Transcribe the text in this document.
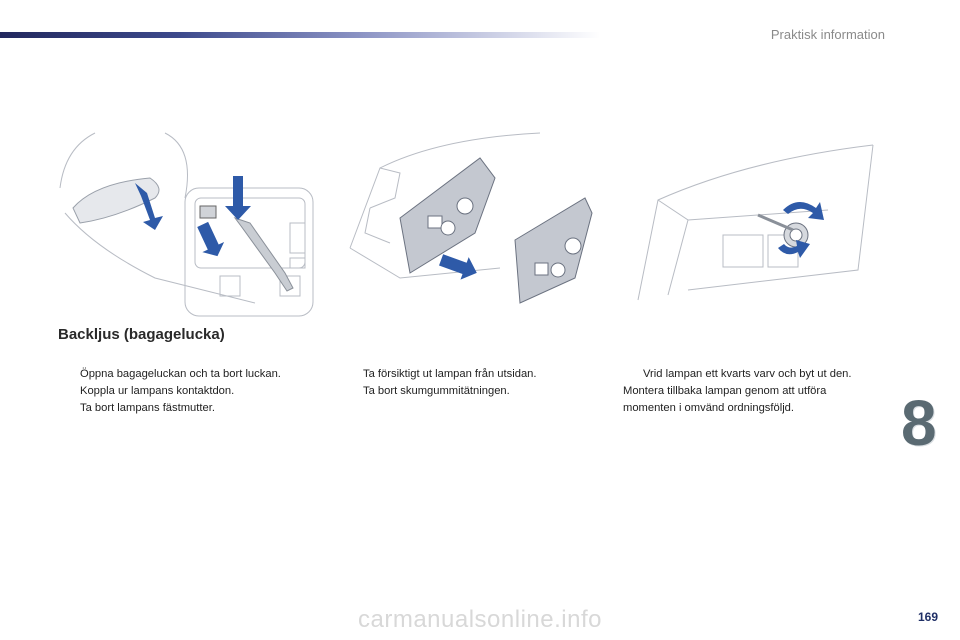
Praktisk information
Backljus (bagagelucka)
Öppna bagageluckan och ta bort luckan.
Koppla ur lampans kontaktdon.
Ta bort lampans fästmutter.
Ta försiktigt ut lampan från utsidan.
Ta bort skumgummitätningen.
Vrid lampan ett kvarts varv och byt ut den.
Montera tillbaka lampan genom att utföra
momenten i omvänd ordningsföljd.	8
carmanualsonline.info	169
